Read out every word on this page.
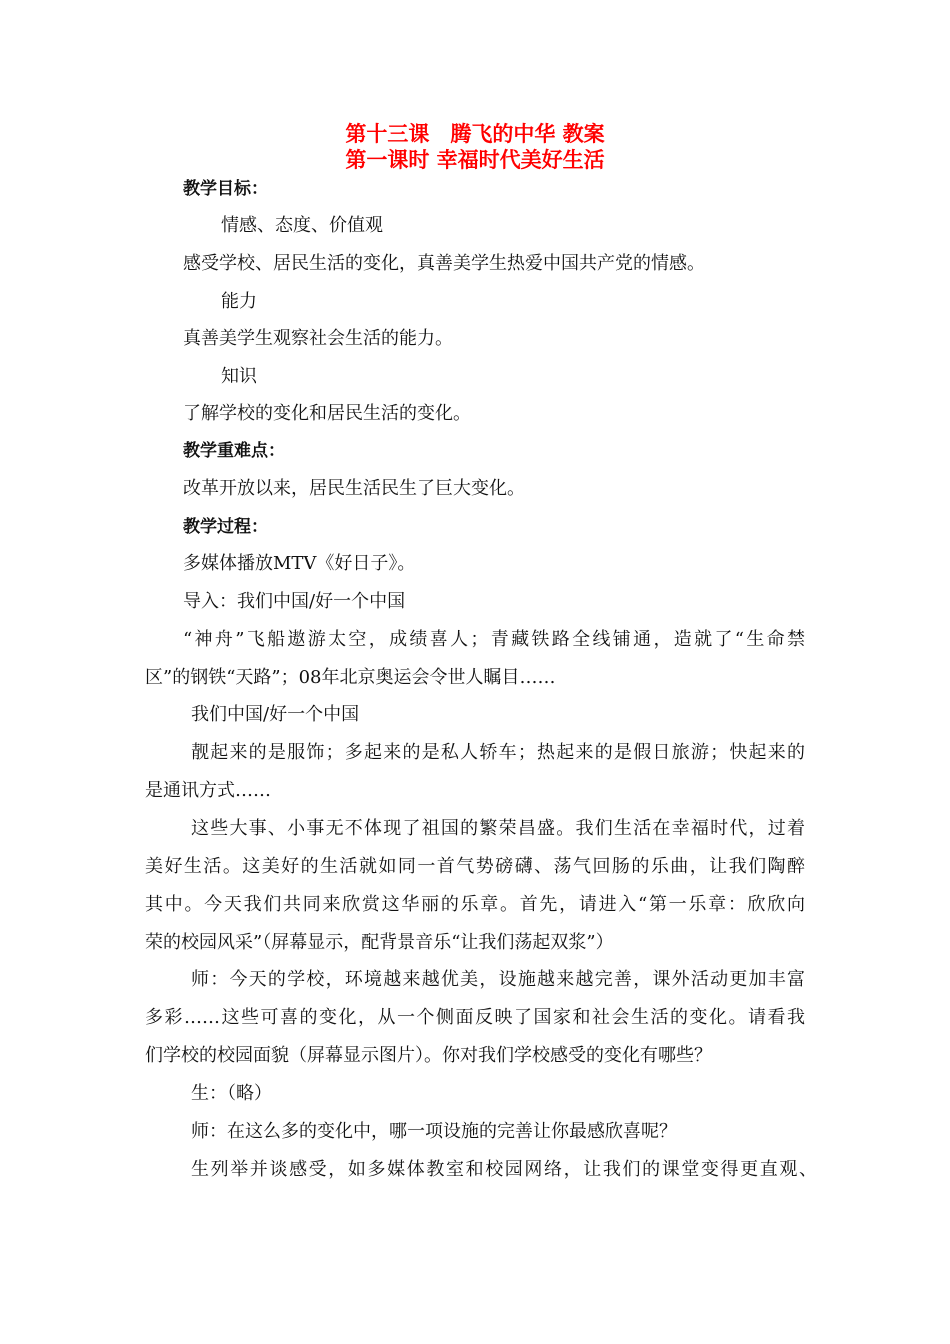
第十三课　腾飞的中华 教案
第一课时 幸福时代美好生活

教学目标：

情感、态度、价值观

感受学校、居民生活的变化，真善美学生热爱中国共产党的情感。

能力

真善美学生观察社会生活的能力。

知识

了解学校的变化和居民生活的变化。

教学重难点：

改革开放以来，居民生活民生了巨大变化。

教学过程：

多媒体播放MTV《好日子》。

导入：我们中国/好一个中国

“神舟”飞船遨游太空，成绩喜人；青藏铁路全线铺通，造就了“生命禁

区”的钢铁“天路”；08年北京奥运会令世人瞩目……

我们中国/好一个中国

靓起来的是服饰；多起来的是私人轿车；热起来的是假日旅游；快起来的

是通讯方式……

这些大事、小事无不体现了祖国的繁荣昌盛。我们生活在幸福时代，过着

美好生活。这美好的生活就如同一首气势磅礴、荡气回肠的乐曲，让我们陶醉

其中。今天我们共同来欣赏这华丽的乐章。首先，请进入“第一乐章：欣欣向

荣的校园风采”（屏幕显示，配背景音乐“让我们荡起双浆”）

师：今天的学校，环境越来越优美，设施越来越完善，课外活动更加丰富

多彩……这些可喜的变化，从一个侧面反映了国家和社会生活的变化。请看我

们学校的校园面貌（屏幕显示图片）。你对我们学校感受的变化有哪些？

生：（略）

师：在这么多的变化中，哪一项设施的完善让你最感欣喜呢？

生列举并谈感受，如多媒体教室和校园网络，让我们的课堂变得更直观、
